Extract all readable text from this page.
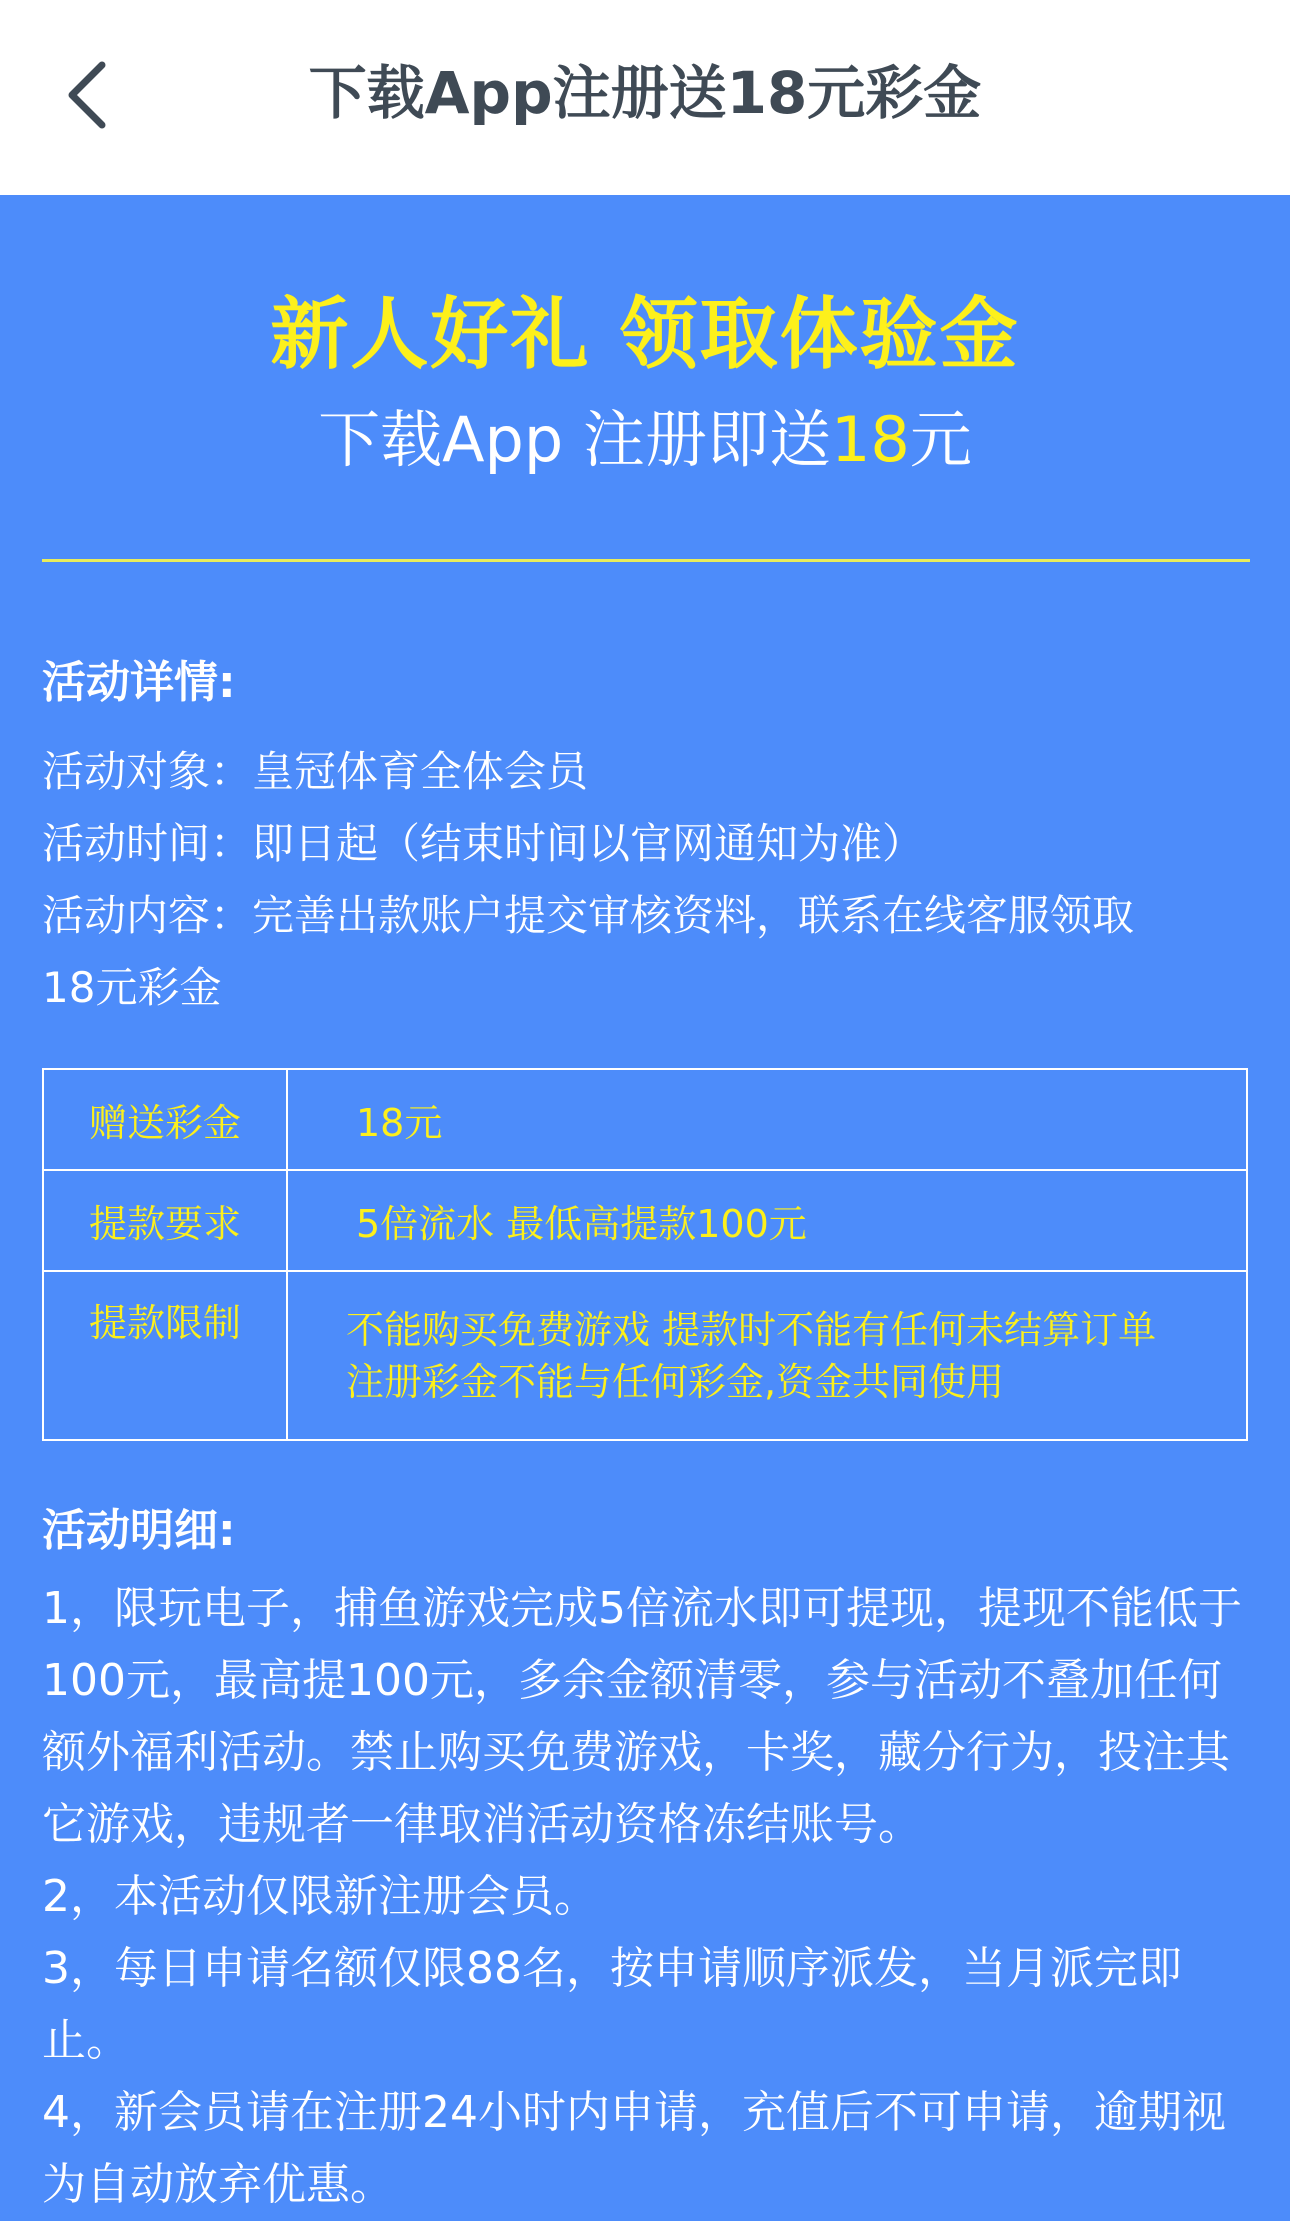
下载App注册送18元彩金
新人好礼 领取体验金
下载App 注册即送18元
活动详情:
活动对象：皇冠体育全体会员
活动时间：即日起（结束时间以官网通知为准）
活动内容：完善出款账户提交审核资料，联系在线客服领取
18元彩金
赠送彩金	18元
提款要求	5倍流水 最低高提款100元
提款限制	不能购买免费游戏 提款时不能有任何未结算订单
注册彩金不能与任何彩金,资金共同使用
活动明细:

1，限玩电子，捕鱼游戏完成5倍流水即可提现，提现不能低于100元，最高提100元，多余金额清零，参与活动不叠加任何额外福利活动。禁止购买免费游戏，卡奖，藏分行为，投注其它游戏，违规者一律取消活动资格冻结账号。

2，本活动仅限新注册会员。

3，每日申请名额仅限88名，按申请顺序派发，当月派完即止。

4，新会员请在注册24小时内申请，充值后不可申请，逾期视为自动放弃优惠。
